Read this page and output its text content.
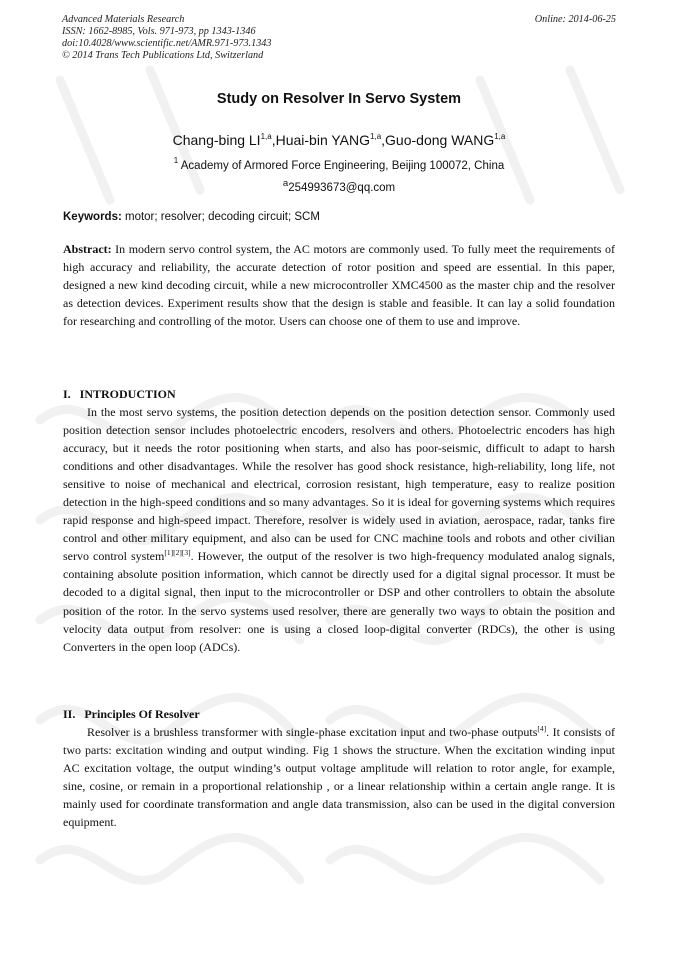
Advanced Materials Research
ISSN: 1662-8985, Vols. 971-973, pp 1343-1346
doi:10.4028/www.scientific.net/AMR.971-973.1343
© 2014 Trans Tech Publications Ltd, Switzerland
Online: 2014-06-25
Study on Resolver In Servo System
Chang-bing LI$^{1,a}$,Huai-bin YANG$^{1,a}$,Guo-dong WANG$^{1,a}$
$^1$ Academy of Armored Force Engineering, Beijing 100072, China
$^a$254993673@qq.com
Keywords: motor; resolver; decoding circuit; SCM
Abstract: In modern servo control system, the AC motors are commonly used. To fully meet the requirements of high accuracy and reliability, the accurate detection of rotor position and speed are essential. In this paper, designed a new kind decoding circuit, while a new microcontroller XMC4500 as the master chip and the resolver as detection devices. Experiment results show that the design is stable and feasible. It can lay a solid foundation for researching and controlling of the motor. Users can choose one of them to use and improve.
I. INTRODUCTION

In the most servo systems, the position detection depends on the position detection sensor. Commonly used position detection sensor includes photoelectric encoders, resolvers and others. Photoelectric encoders has high accuracy, but it needs the rotor positioning when starts, and also has poor-seismic, difficult to adapt to harsh conditions and other disadvantages. While the resolver has good shock resistance, high-reliability, long life, not sensitive to noise of mechanical and electrical, corrosion resistant, high temperature, easy to realize position detection in the high-speed conditions and so many advantages. So it is ideal for governing systems which requires rapid response and high-speed impact. Therefore, resolver is widely used in aviation, aerospace, radar, tanks fire control and other military equipment, and also can be used for CNC machine tools and robots and other civilian servo control system[1][2][3]. However, the output of the resolver is two high-frequency modulated analog signals, containing absolute position information, which cannot be directly used for a digital signal processor. It must be decoded to a digital signal, then input to the microcontroller or DSP and other controllers to obtain the absolute position of the rotor. In the servo systems used resolver, there are generally two ways to obtain the position and velocity data output from resolver: one is using a closed loop-digital converter (RDCs), the other is using Converters in the open loop (ADCs).

II. Principles Of Resolver

Resolver is a brushless transformer with single-phase excitation input and two-phase outputs[4]. It consists of two parts: excitation winding and output winding. Fig 1 shows the structure. When the excitation winding input AC excitation voltage, the output winding’s output voltage amplitude will relation to rotor angle, for example, sine, cosine, or remain in a proportional relationship , or a linear relationship within a certain angle range. It is mainly used for coordinate transformation and angle data transmission, also can be used in the digital conversion equipment.
